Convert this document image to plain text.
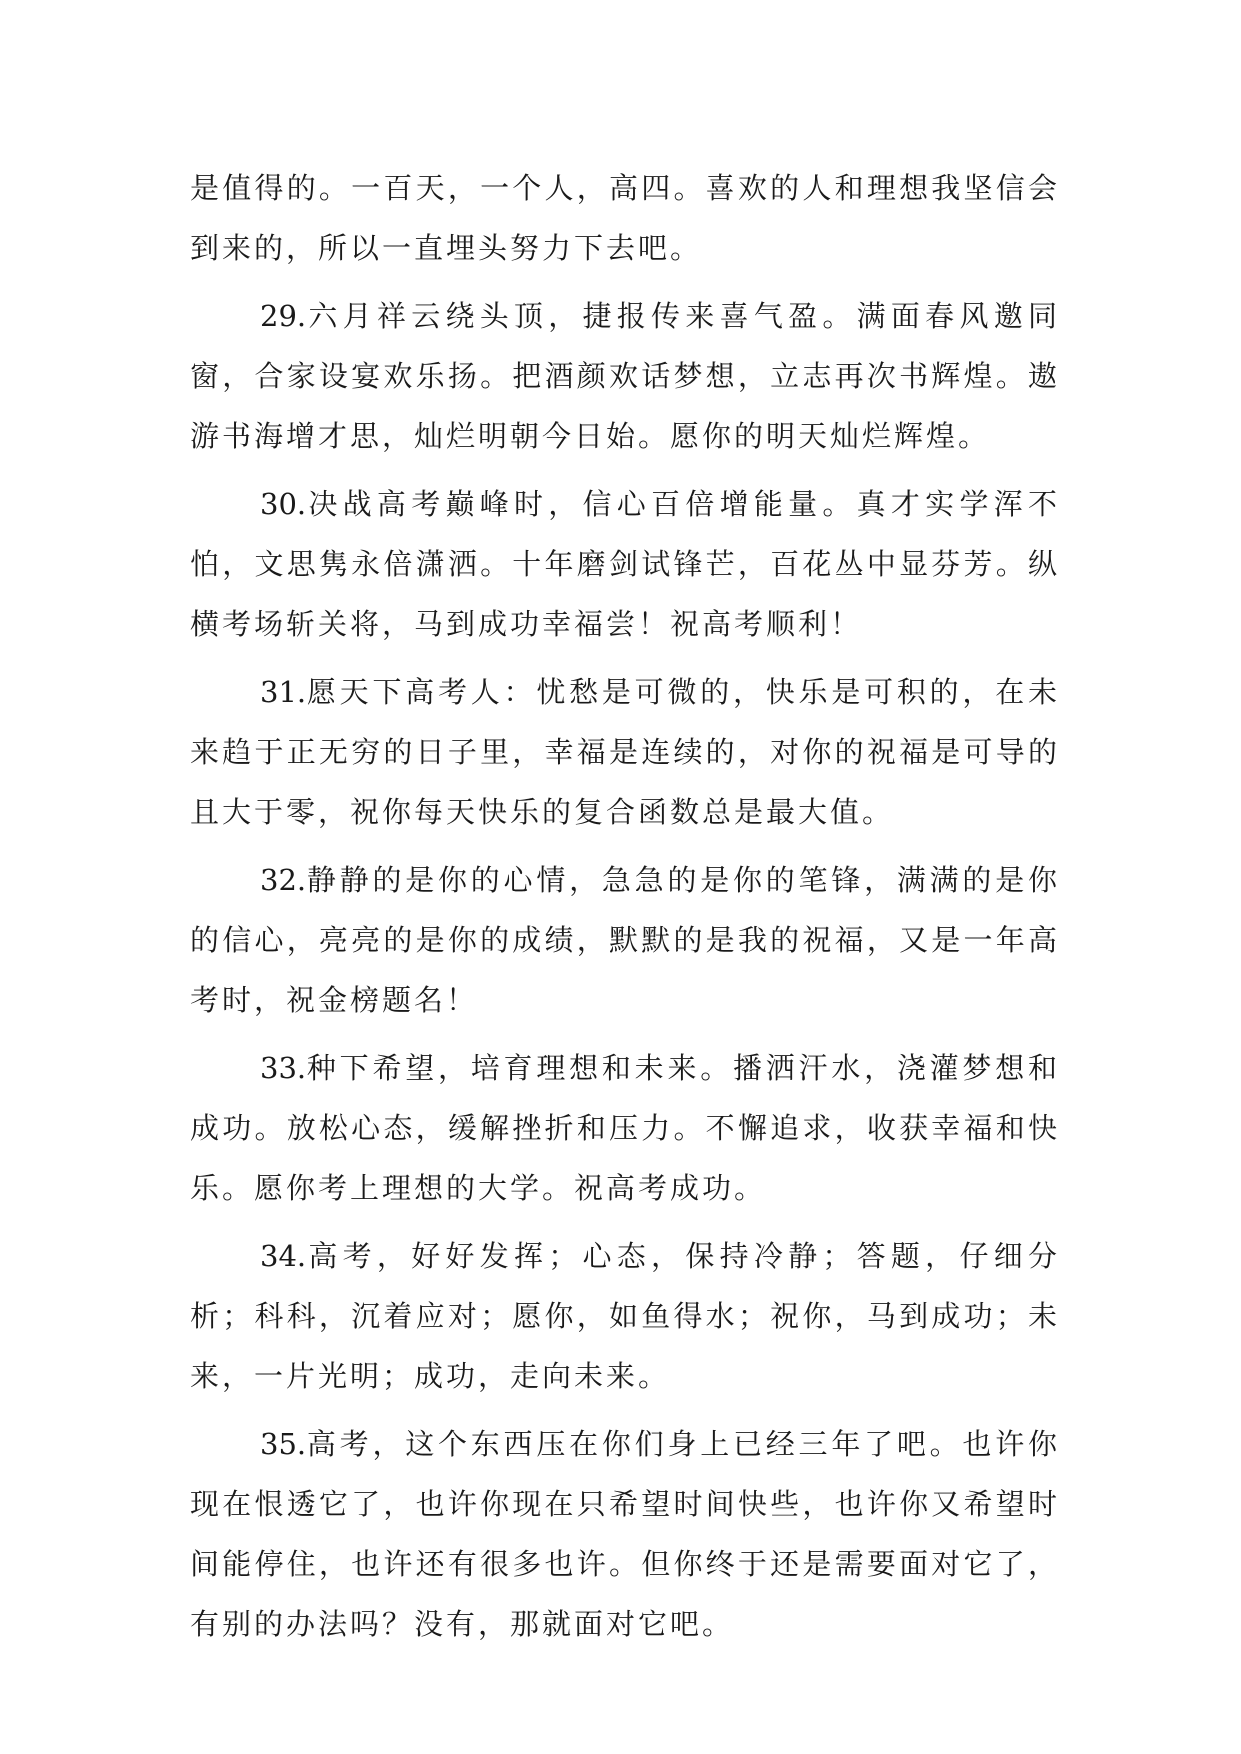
是值得的。一百天，一个人，高四。喜欢的人和理想我坚信会到来的，所以一直埋头努力下去吧。

29.六月祥云绕头顶，捷报传来喜气盈。满面春风邀同窗，合家设宴欢乐扬。把酒颜欢话梦想，立志再次书辉煌。遨游书海增才思，灿烂明朝今日始。愿你的明天灿烂辉煌。

30.决战高考巅峰时，信心百倍增能量。真才实学浑不怕，文思隽永倍潇洒。十年磨剑试锋芒，百花丛中显芬芳。纵横考场斩关将，马到成功幸福尝！祝高考顺利！

31.愿天下高考人：忧愁是可微的，快乐是可积的，在未来趋于正无穷的日子里，幸福是连续的，对你的祝福是可导的且大于零，祝你每天快乐的复合函数总是最大值。

32.静静的是你的心情，急急的是你的笔锋，满满的是你的信心，亮亮的是你的成绩，默默的是我的祝福，又是一年高考时，祝金榜题名！

33.种下希望，培育理想和未来。播洒汗水，浇灌梦想和成功。放松心态，缓解挫折和压力。不懈追求，收获幸福和快乐。愿你考上理想的大学。祝高考成功。

34.高考，好好发挥；心态，保持冷静；答题，仔细分析；科科，沉着应对；愿你，如鱼得水；祝你，马到成功；未来，一片光明；成功，走向未来。

35.高考，这个东西压在你们身上已经三年了吧。也许你现在恨透它了，也许你现在只希望时间快些，也许你又希望时间能停住，也许还有很多也许。但你终于还是需要面对它了，有别的办法吗？没有，那就面对它吧。
